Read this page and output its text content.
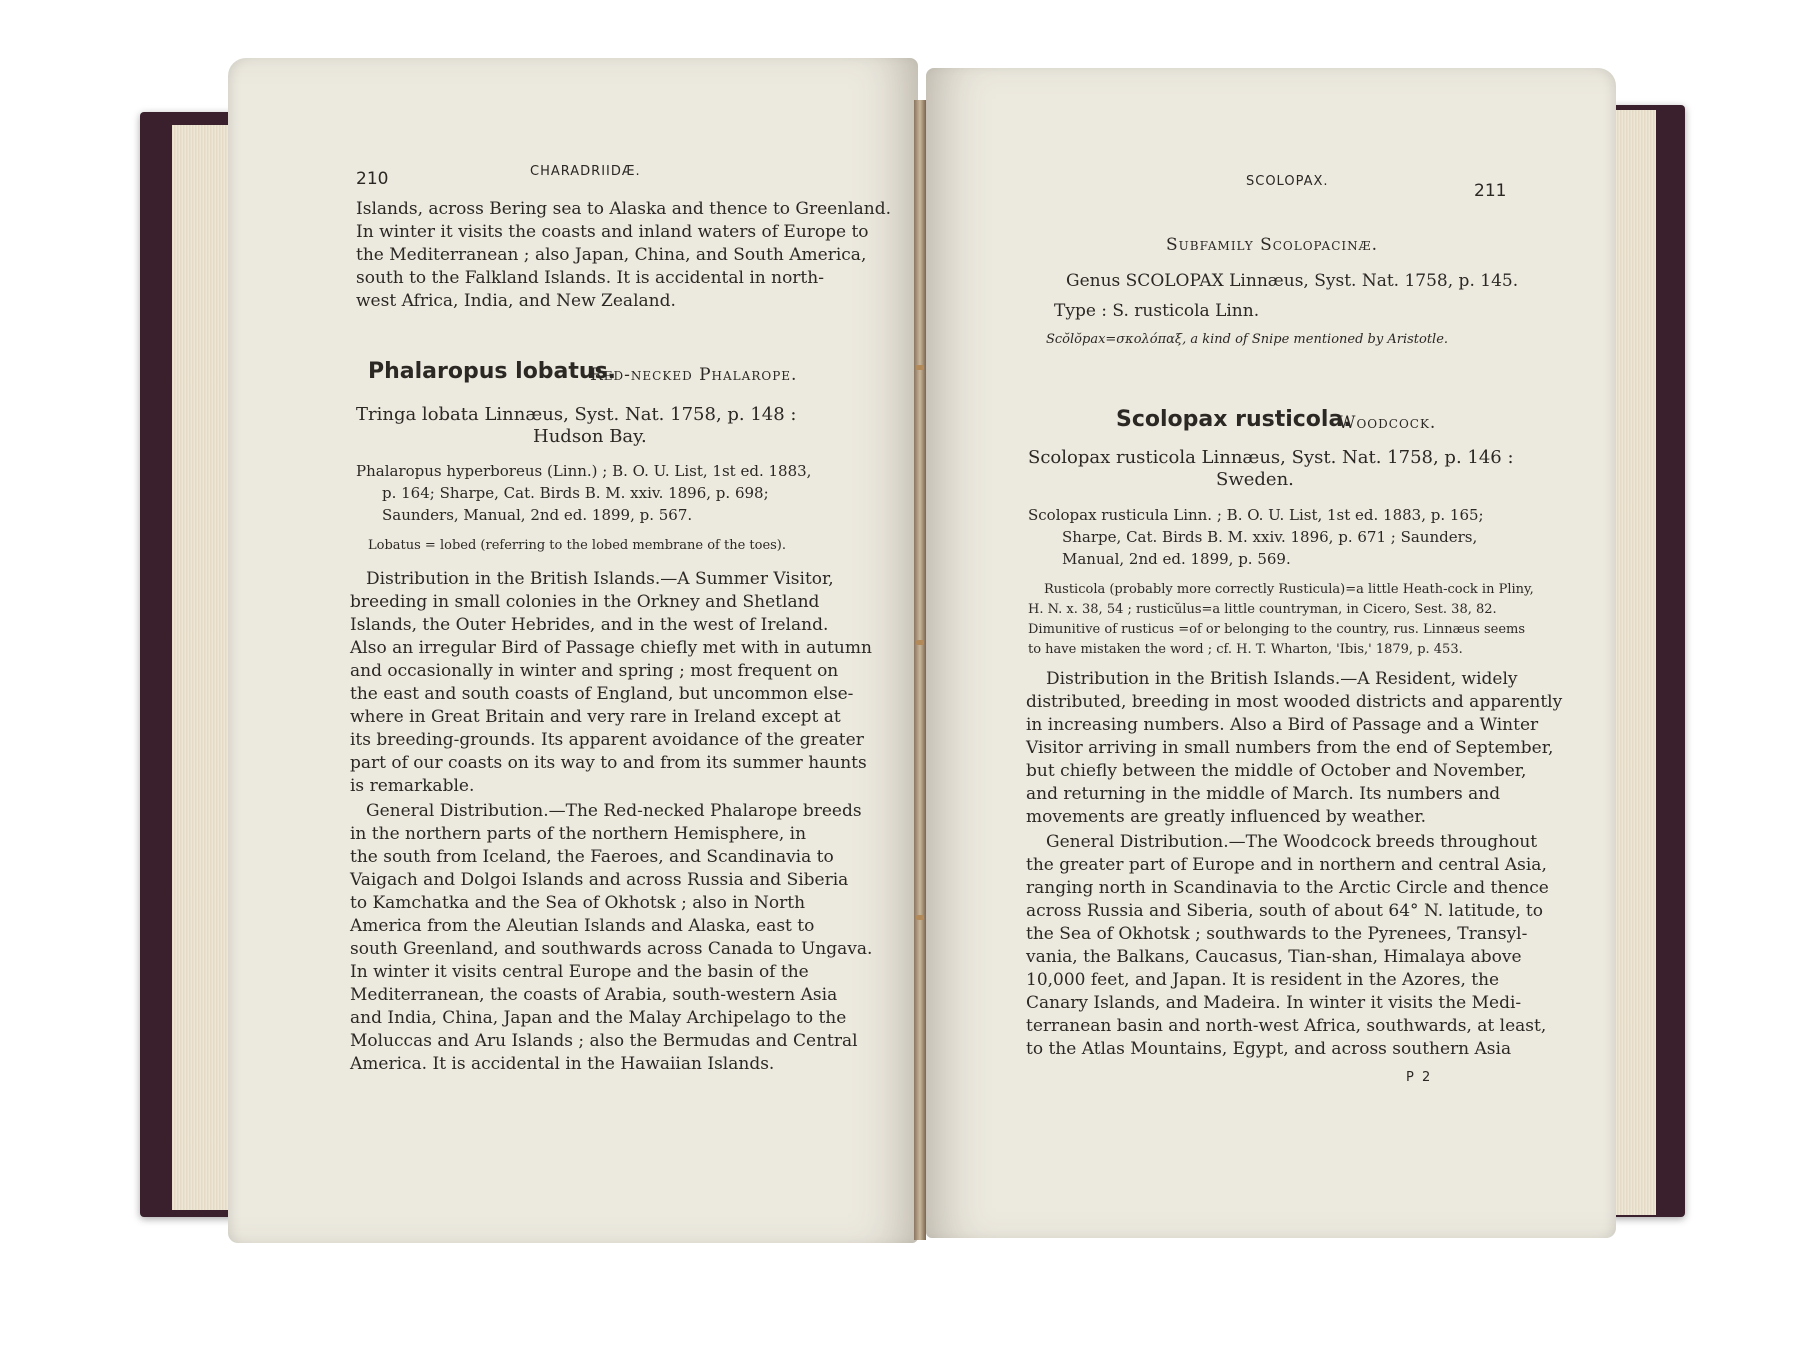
210	CHARADRIIDÆ.
Islands, across Bering sea to Alaska and thence to Greenland.
In winter it visits the coasts and inland waters of Europe to
the Mediterranean ; also Japan, China, and South America,
south to the Falkland Islands. It is accidental in north-
west Africa, India, and New Zealand.
Phalaropus lobatus.
Red-necked Phalarope.
Tringa lobata Linnæus, Syst. Nat. 1758, p. 148 :
Hudson Bay.
Phalaropus hyperboreus (Linn.) ; B. O. U. List, 1st ed. 1883,
p. 164; Sharpe, Cat. Birds B. M. xxiv. 1896, p. 698;
Saunders, Manual, 2nd ed. 1899, p. 567.
Lobatus = lobed (referring to the lobed membrane of the toes).
Distribution in the British Islands.—A Summer Visitor,
breeding in small colonies in the Orkney and Shetland
Islands, the Outer Hebrides, and in the west of Ireland.
Also an irregular Bird of Passage chiefly met with in autumn
and occasionally in winter and spring ; most frequent on
the east and south coasts of England, but uncommon else-
where in Great Britain and very rare in Ireland except at
its breeding-grounds. Its apparent avoidance of the greater
part of our coasts on its way to and from its summer haunts
is remarkable.
General Distribution.—The Red-necked Phalarope breeds
in the northern parts of the northern Hemisphere, in
the south from Iceland, the Faeroes, and Scandinavia to
Vaigach and Dolgoi Islands and across Russia and Siberia
to Kamchatka and the Sea of Okhotsk ; also in North
America from the Aleutian Islands and Alaska, east to
south Greenland, and southwards across Canada to Ungava.
In winter it visits central Europe and the basin of the
Mediterranean, the coasts of Arabia, south-western Asia
and India, China, Japan and the Malay Archipelago to the
Moluccas and Aru Islands ; also the Bermudas and Central
America. It is accidental in the Hawaiian Islands.
SCOLOPAX.	211
Subfamily Scolopacinæ.
Genus SCOLOPAX Linnæus, Syst. Nat. 1758, p. 145.
Type : S. rusticola Linn.
Scŏlŏpax=σκολόπαξ, a kind of Snipe mentioned by Aristotle.
Scolopax rusticola.
Woodcock.
Scolopax rusticola Linnæus, Syst. Nat. 1758, p. 146 :
Sweden.
Scolopax rusticula Linn. ; B. O. U. List, 1st ed. 1883, p. 165;
Sharpe, Cat. Birds B. M. xxiv. 1896, p. 671 ; Saunders,
Manual, 2nd ed. 1899, p. 569.
Rusticola (probably more correctly Rusticula)=a little Heath-cock in Pliny,
H. N. x. 38, 54 ; rusticŭlus=a little countryman, in Cicero, Sest. 38, 82.
Dimunitive of rusticus =of or belonging to the country, rus. Linnæus seems
to have mistaken the word ; cf. H. T. Wharton, 'Ibis,' 1879, p. 453.
Distribution in the British Islands.—A Resident, widely
distributed, breeding in most wooded districts and apparently
in increasing numbers. Also a Bird of Passage and a Winter
Visitor arriving in small numbers from the end of September,
but chiefly between the middle of October and November,
and returning in the middle of March. Its numbers and
movements are greatly influenced by weather.
General Distribution.—The Woodcock breeds throughout
the greater part of Europe and in northern and central Asia,
ranging north in Scandinavia to the Arctic Circle and thence
across Russia and Siberia, south of about 64° N. latitude, to
the Sea of Okhotsk ; southwards to the Pyrenees, Transyl-
vania, the Balkans, Caucasus, Tian-shan, Himalaya above
10,000 feet, and Japan. It is resident in the Azores, the
Canary Islands, and Madeira. In winter it visits the Medi-
terranean basin and north-west Africa, southwards, at least,
to the Atlas Mountains, Egypt, and across southern Asia
P 2
